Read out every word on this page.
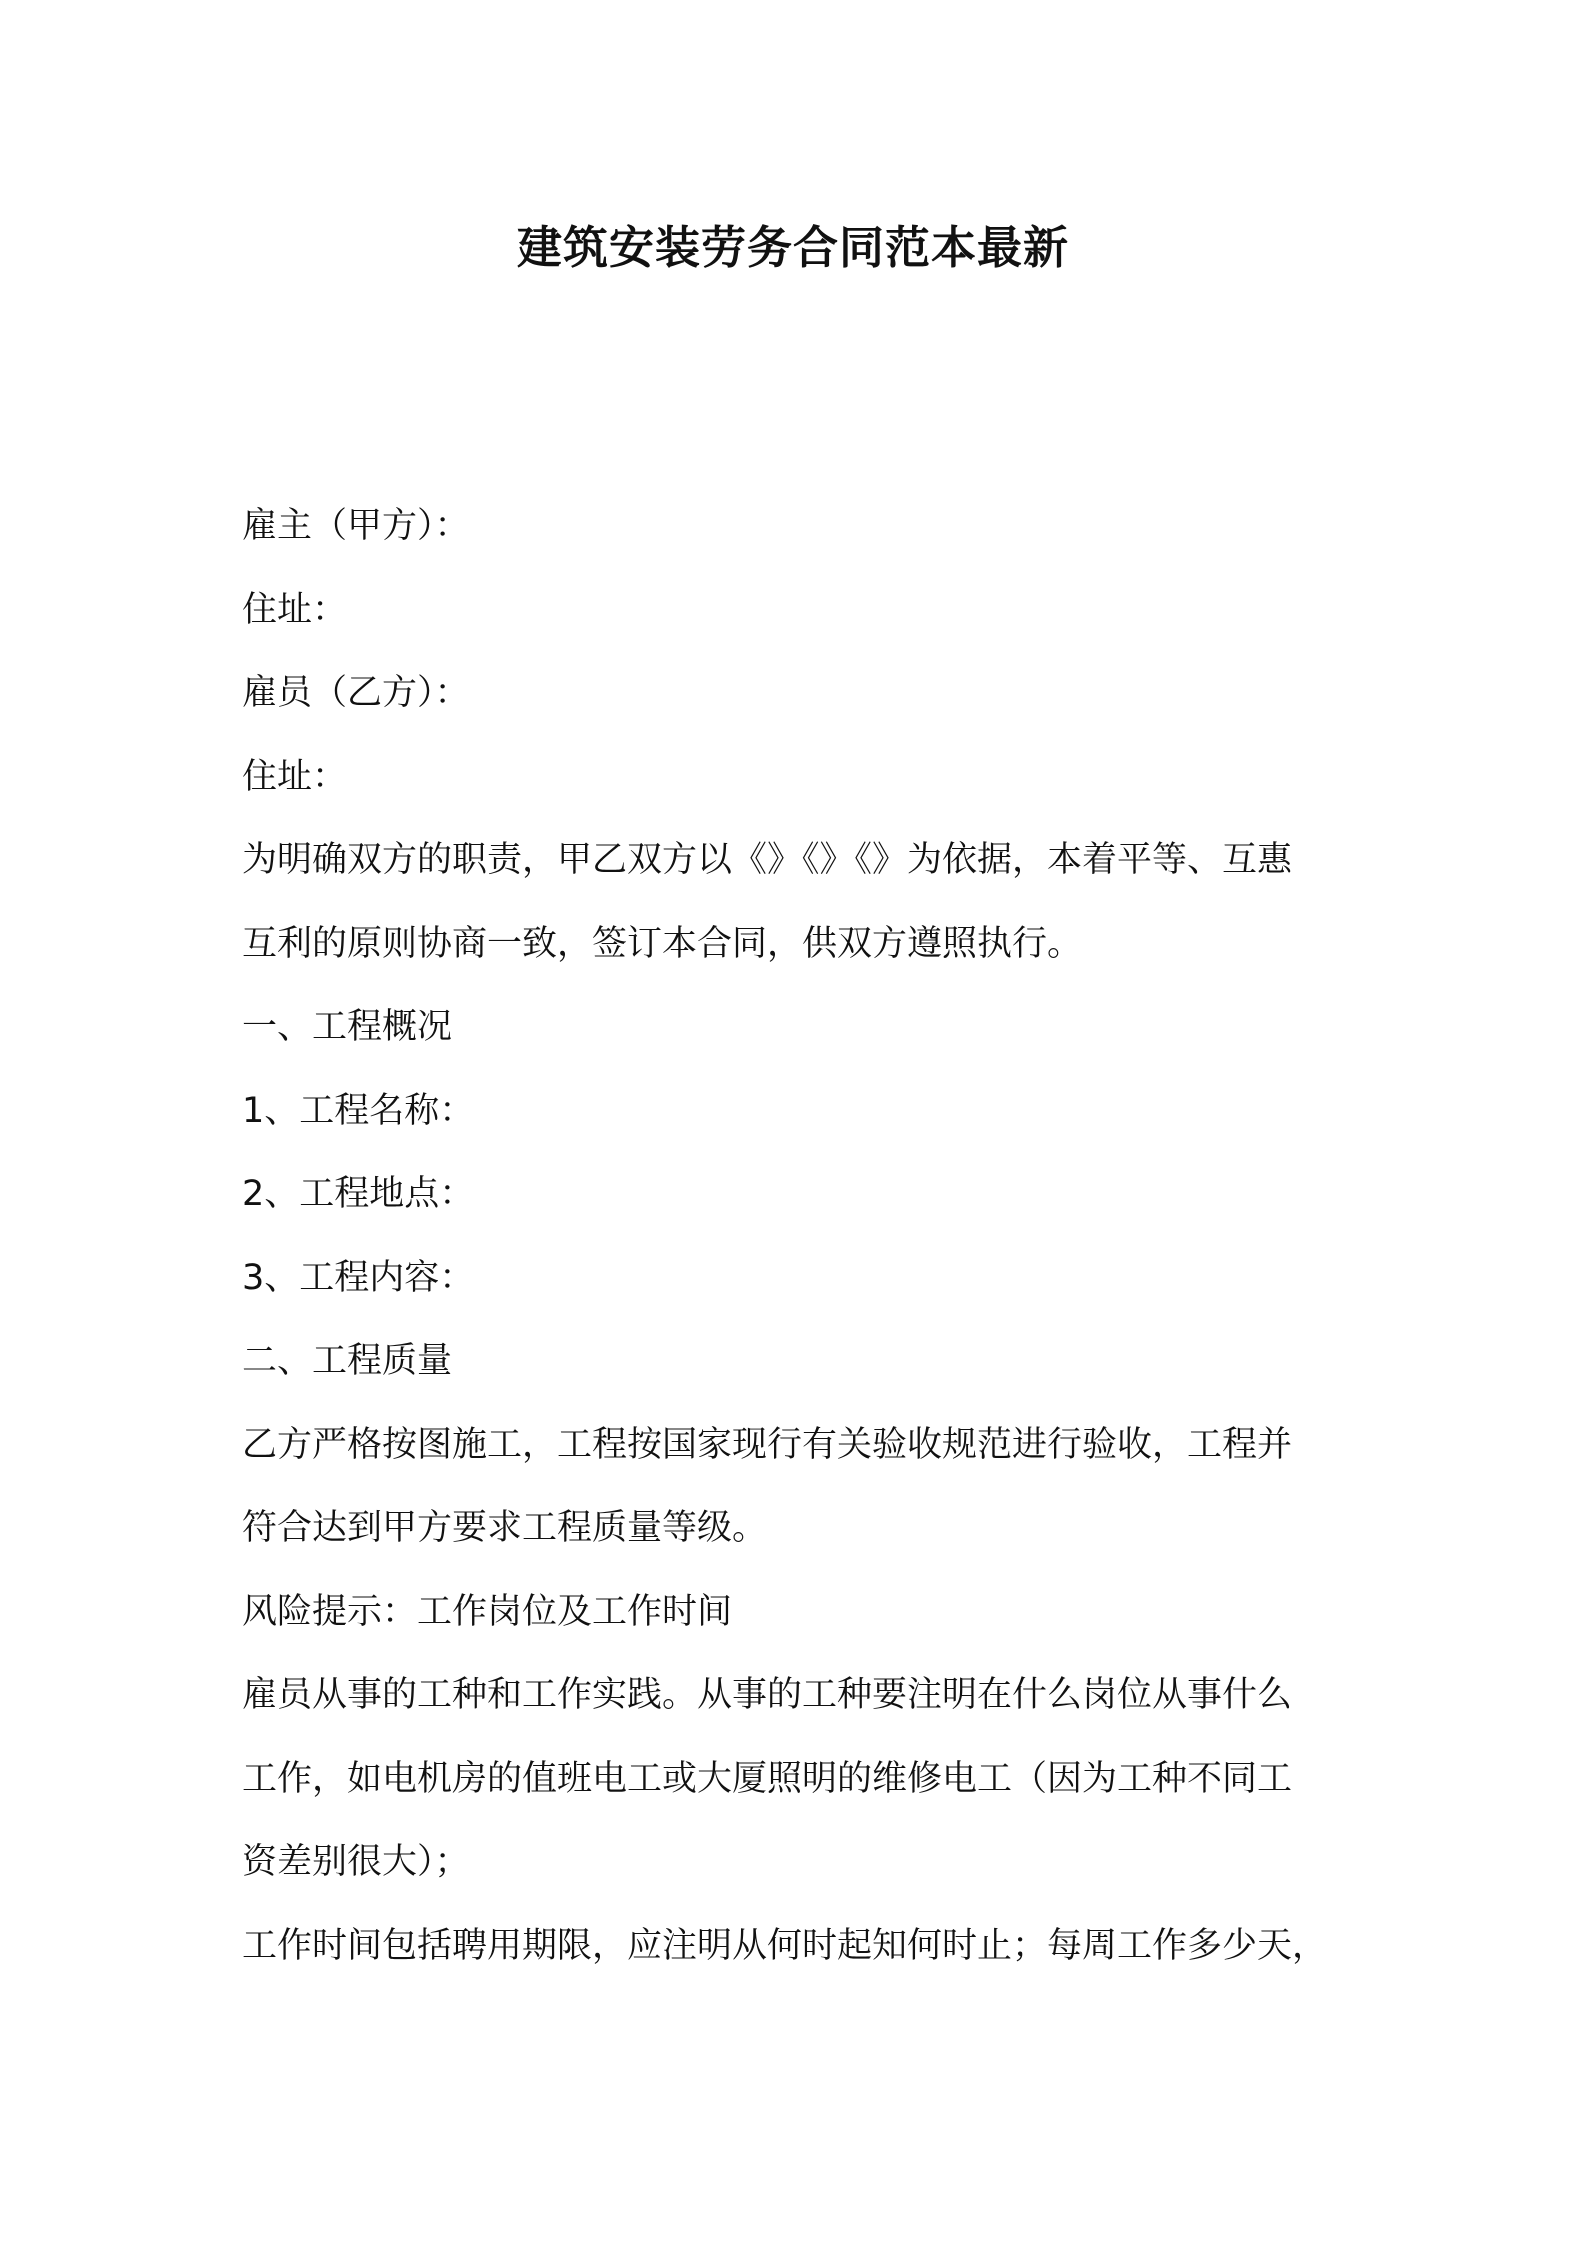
建筑安装劳务合同范本最新
雇主（甲方）：
住址：
雇员（乙方）：
住址：
为明确双方的职责，甲乙双方以《》《》《》为依据，本着平等、互惠
互利的原则协商一致，签订本合同，供双方遵照执行。
一、工程概况
1、工程名称：
2、工程地点：
3、工程内容：
二、工程质量
乙方严格按图施工，工程按国家现行有关验收规范进行验收，工程并
符合达到甲方要求工程质量等级。
风险提示：工作岗位及工作时间
雇员从事的工种和工作实践。从事的工种要注明在什么岗位从事什么
工作，如电机房的值班电工或大厦照明的维修电工（因为工种不同工
资差别很大）；
工作时间包括聘用期限，应注明从何时起知何时止；每周工作多少天，
